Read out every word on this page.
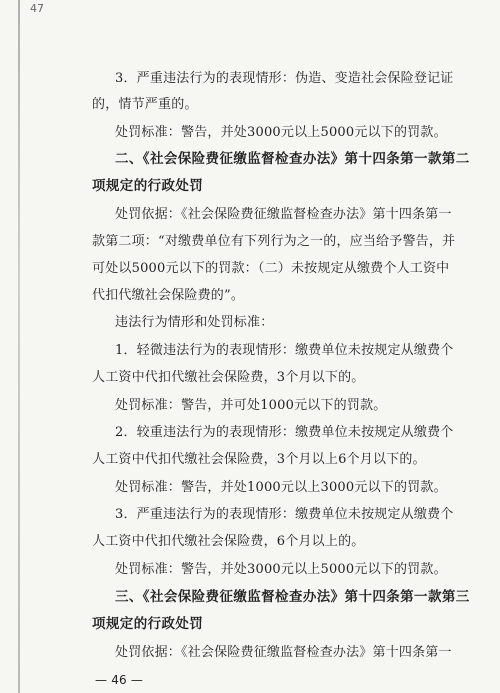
47
3．严重违法行为的表现情形：伪造、变造社会保险登记证
的，情节严重的。
处罚标准：警告，并处3000元以上5000元以下的罚款。
二、《社会保险费征缴监督检查办法》第十四条第一款第二
项规定的行政处罚
处罚依据：《社会保险费征缴监督检查办法》第十四条第一
款第二项：“对缴费单位有下列行为之一的，应当给予警告，并
可处以5000元以下的罚款：（二）未按规定从缴费个人工资中
代扣代缴社会保险费的”。
违法行为情形和处罚标准：
1．轻微违法行为的表现情形：缴费单位未按规定从缴费个
人工资中代扣代缴社会保险费，3个月以下的。
处罚标准：警告，并可处1000元以下的罚款。
2．较重违法行为的表现情形：缴费单位未按规定从缴费个
人工资中代扣代缴社会保险费，3个月以上6个月以下的。
处罚标准：警告，并处1000元以上3000元以下的罚款。
3．严重违法行为的表现情形：缴费单位未按规定从缴费个
人工资中代扣代缴社会保险费，6个月以上的。
处罚标准：警告，并处3000元以上5000元以下的罚款。
三、《社会保险费征缴监督检查办法》第十四条第一款第三
项规定的行政处罚
处罚依据：《社会保险费征缴监督检查办法》第十四条第一
— 46 —
